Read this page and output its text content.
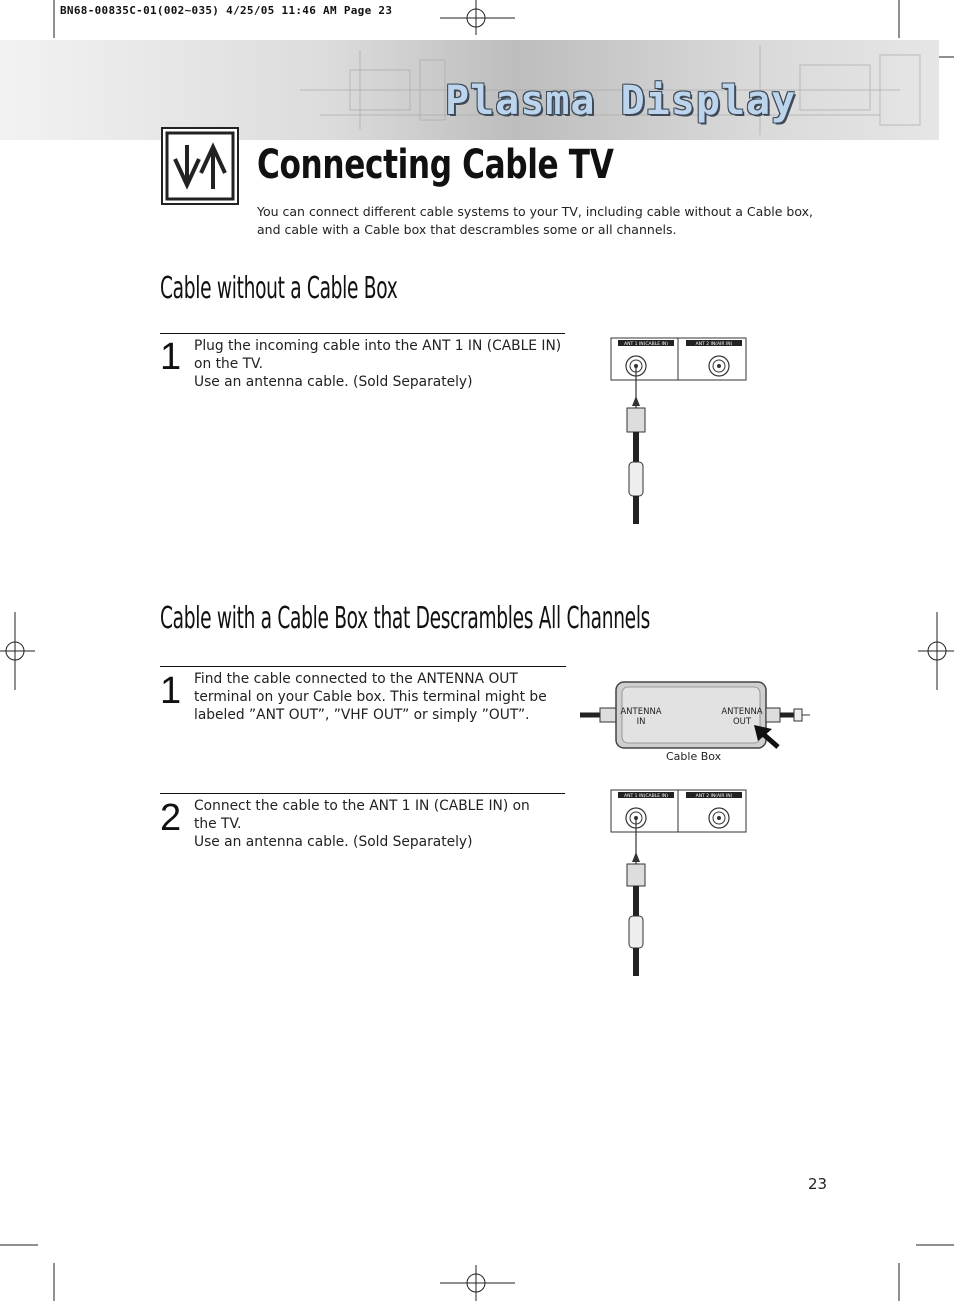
BN68-00835C-01(002~035) 4/25/05 11:46 AM Page 23
Plasma Display
Connecting Cable TV
You can connect different cable systems to your TV, including cable without a Cable box, and cable with a Cable box that descrambles some or all channels.
Cable without a Cable Box
1 Plug the incoming cable into the ANT 1 IN (CABLE IN)
on the TV.
Use an antenna cable. (Sold Separately)
ANT 1 IN(CABLE IN)	ANT 2 IN(AIR IN)
Cable with a Cable Box that Descrambles All Channels
1 Find the cable connected to the ANTENNA OUT
terminal on your Cable box. This terminal might be
labeled ”ANT OUT”, ”VHF OUT” or simply ”OUT”.	ANTENNA
IN
ANTENNA
OUT
Cable Box
2 Connect the cable to the ANT 1 IN (CABLE IN) on
the TV.
Use an antenna cable. (Sold Separately)
ANT 1 IN(CABLE IN)	ANT 2 IN(AIR IN)
23
